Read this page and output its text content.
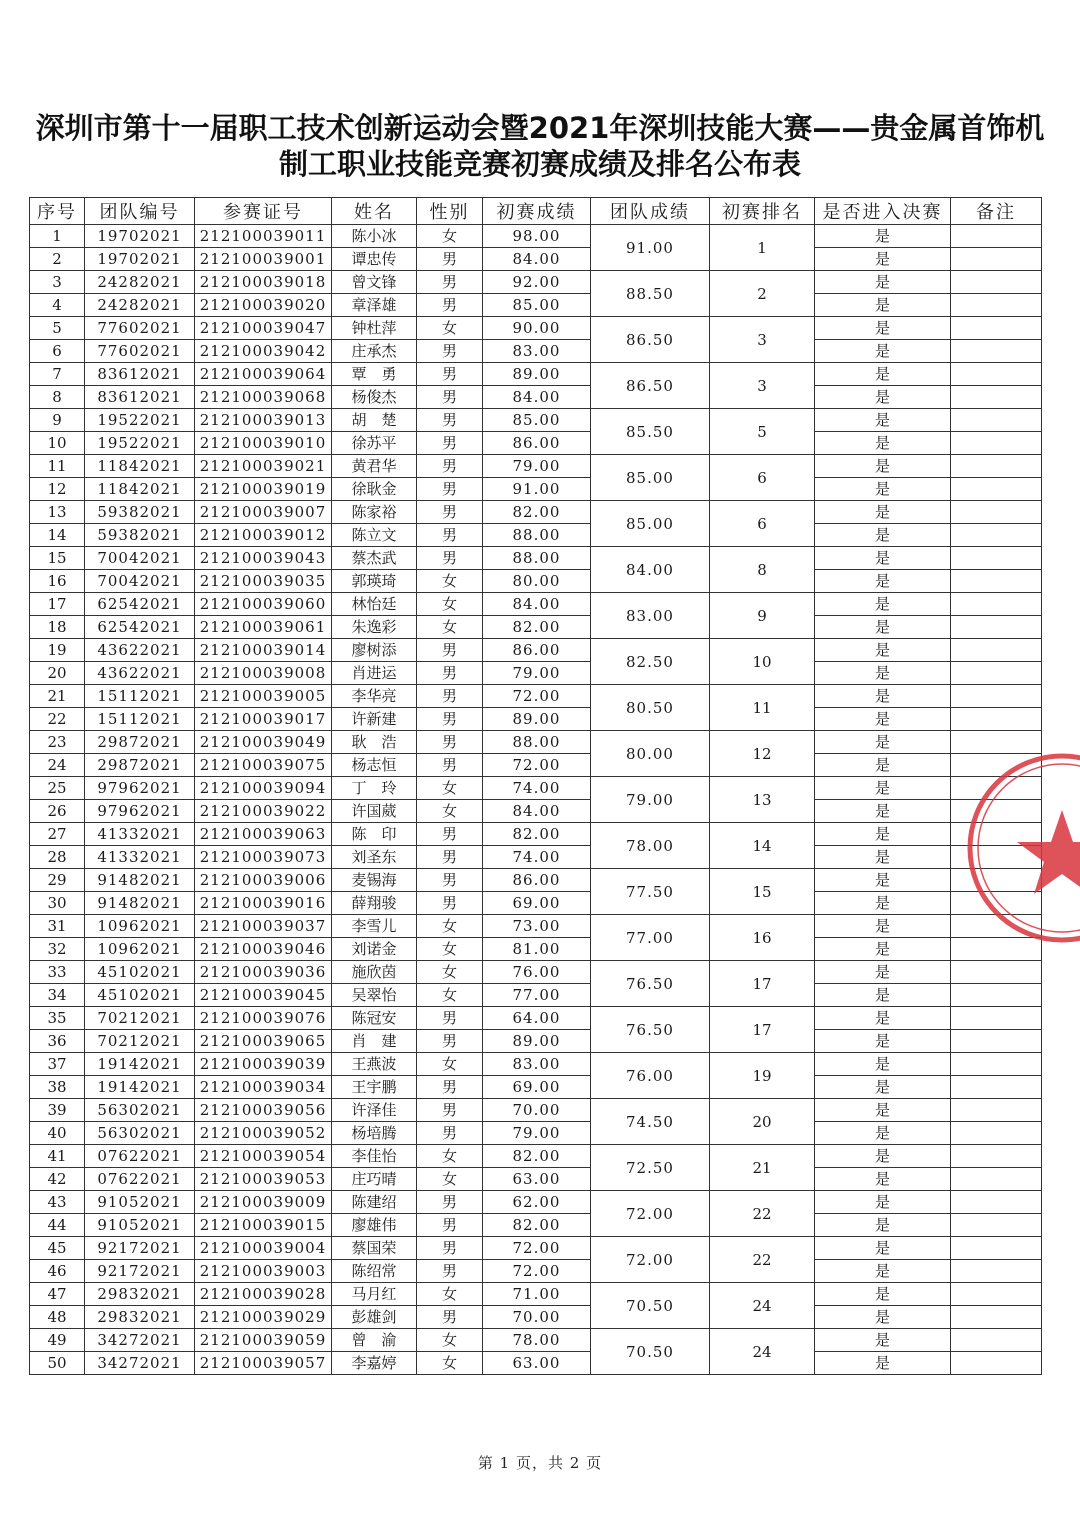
深圳市第十一届职工技术创新运动会暨2021年深圳技能大赛——贵金属首饰机
制工职业技能竞赛初赛成绩及排名公布表
序号	团队编号	参赛证号	姓名	性别	初赛成绩	团队成绩	初赛排名	是否进入决赛	备注
1	19702021	212100039011	陈小冰	女	98.00	91.00	1	是	
2	19702021	212100039001	谭忠传	男	84.00			是	
3	24282021	212100039018	曾文锋	男	92.00	88.50	2	是	
4	24282021	212100039020	章泽雄	男	85.00			是	
5	77602021	212100039047	钟杜萍	女	90.00	86.50	3	是	
6	77602021	212100039042	庄承杰	男	83.00			是	
7	83612021	212100039064	覃　勇	男	89.00	86.50	3	是	
8	83612021	212100039068	杨俊杰	男	84.00			是	
9	19522021	212100039013	胡　楚	男	85.00	85.50	5	是	
10	19522021	212100039010	徐苏平	男	86.00			是	
11	11842021	212100039021	黄君华	男	79.00	85.00	6	是	
12	11842021	212100039019	徐耿金	男	91.00			是	
13	59382021	212100039007	陈家裕	男	82.00	85.00	6	是	
14	59382021	212100039012	陈立文	男	88.00			是	
15	70042021	212100039043	蔡杰武	男	88.00	84.00	8	是	
16	70042021	212100039035	郭瑛琦	女	80.00			是	
17	62542021	212100039060	林怡廷	女	84.00	83.00	9	是	
18	62542021	212100039061	朱逸彩	女	82.00			是	
19	43622021	212100039014	廖树添	男	86.00	82.50	10	是	
20	43622021	212100039008	肖进运	男	79.00			是	
21	15112021	212100039005	李华亮	男	72.00	80.50	11	是	
22	15112021	212100039017	许新建	男	89.00			是	
23	29872021	212100039049	耿　浩	男	88.00	80.00	12	是	
24	29872021	212100039075	杨志恒	男	72.00			是	
25	97962021	212100039094	丁　玲	女	74.00	79.00	13	是	
26	97962021	212100039022	许国葳	女	84.00			是	
27	41332021	212100039063	陈　印	男	82.00	78.00	14	是	
28	41332021	212100039073	刘圣东	男	74.00			是	
29	91482021	212100039006	麦锡海	男	86.00	77.50	15	是	
30	91482021	212100039016	薛翔骏	男	69.00			是	
31	10962021	212100039037	李雪儿	女	73.00	77.00	16	是	
32	10962021	212100039046	刘诺金	女	81.00			是	
33	45102021	212100039036	施欣茵	女	76.00	76.50	17	是	
34	45102021	212100039045	吴翠怡	女	77.00			是	
35	70212021	212100039076	陈冠安	男	64.00	76.50	17	是	
36	70212021	212100039065	肖　建	男	89.00			是	
37	19142021	212100039039	王燕波	女	83.00	76.00	19	是	
38	19142021	212100039034	王宇鹏	男	69.00			是	
39	56302021	212100039056	许泽佳	男	70.00	74.50	20	是	
40	56302021	212100039052	杨培腾	男	79.00			是	
41	07622021	212100039054	李佳怡	女	82.00	72.50	21	是	
42	07622021	212100039053	庄巧晴	女	63.00			是	
43	91052021	212100039009	陈建绍	男	62.00	72.00	22	是	
44	91052021	212100039015	廖雄伟	男	82.00			是	
45	92172021	212100039004	蔡国荣	男	72.00	72.00	22	是	
46	92172021	212100039003	陈绍常	男	72.00			是	
47	29832021	212100039028	马月红	女	71.00	70.50	24	是	
48	29832021	212100039029	彭雄剑	男	70.00			是	
49	34272021	212100039059	曾　渝	女	78.00	70.50	24	是	
50	34272021	212100039057	李嘉婷	女	63.00			是	
第 1 页，共 2 页
